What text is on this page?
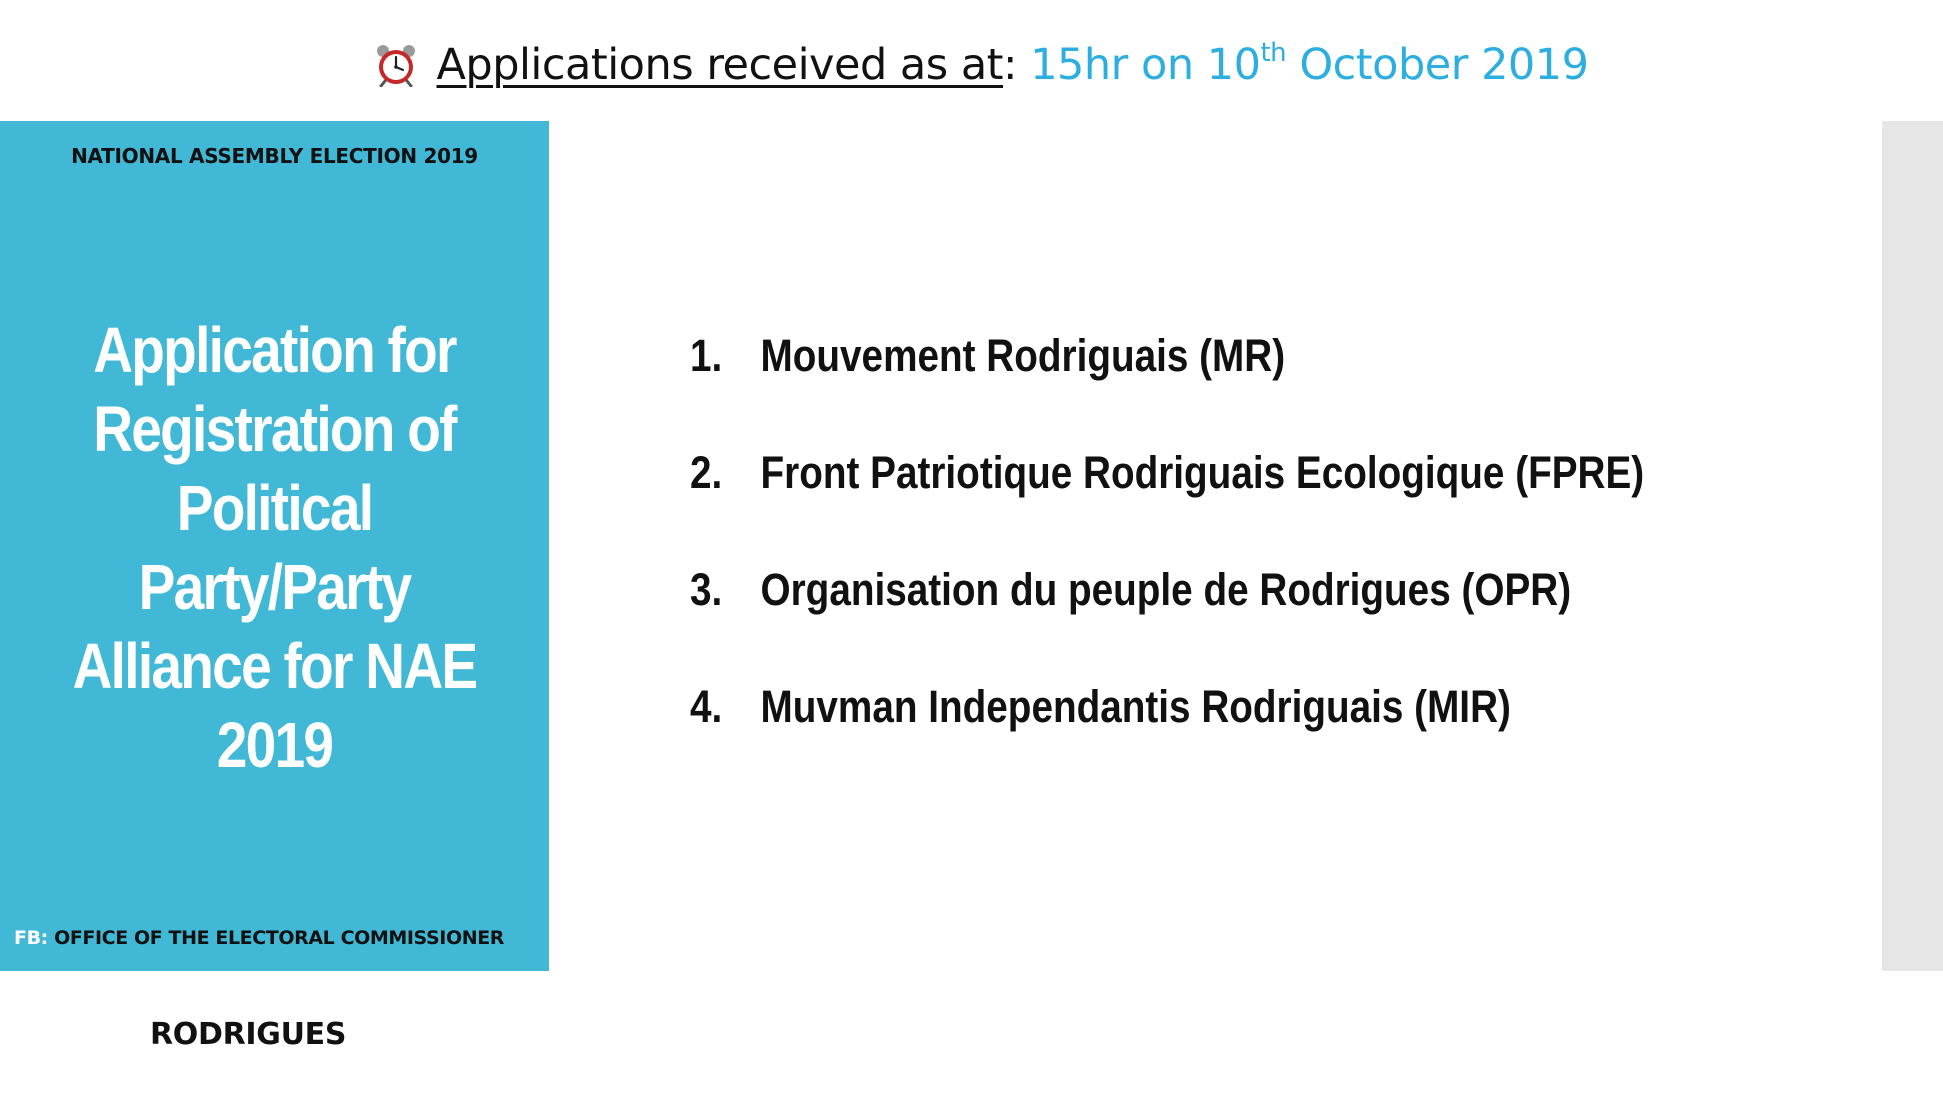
Applications received as at: 15hr on 10th October 2019
NATIONAL ASSEMBLY ELECTION 2019
Application for
Registration of
Political
Party/Party
Alliance for NAE
2019
FB: OFFICE OF THE ELECTORAL COMMISSIONER
RODRIGUES
1. Mouvement Rodriguais (MR)
2. Front Patriotique Rodriguais Ecologique (FPRE)
3. Organisation du peuple de Rodrigues (OPR)
4. Muvman Independantis Rodriguais (MIR)
